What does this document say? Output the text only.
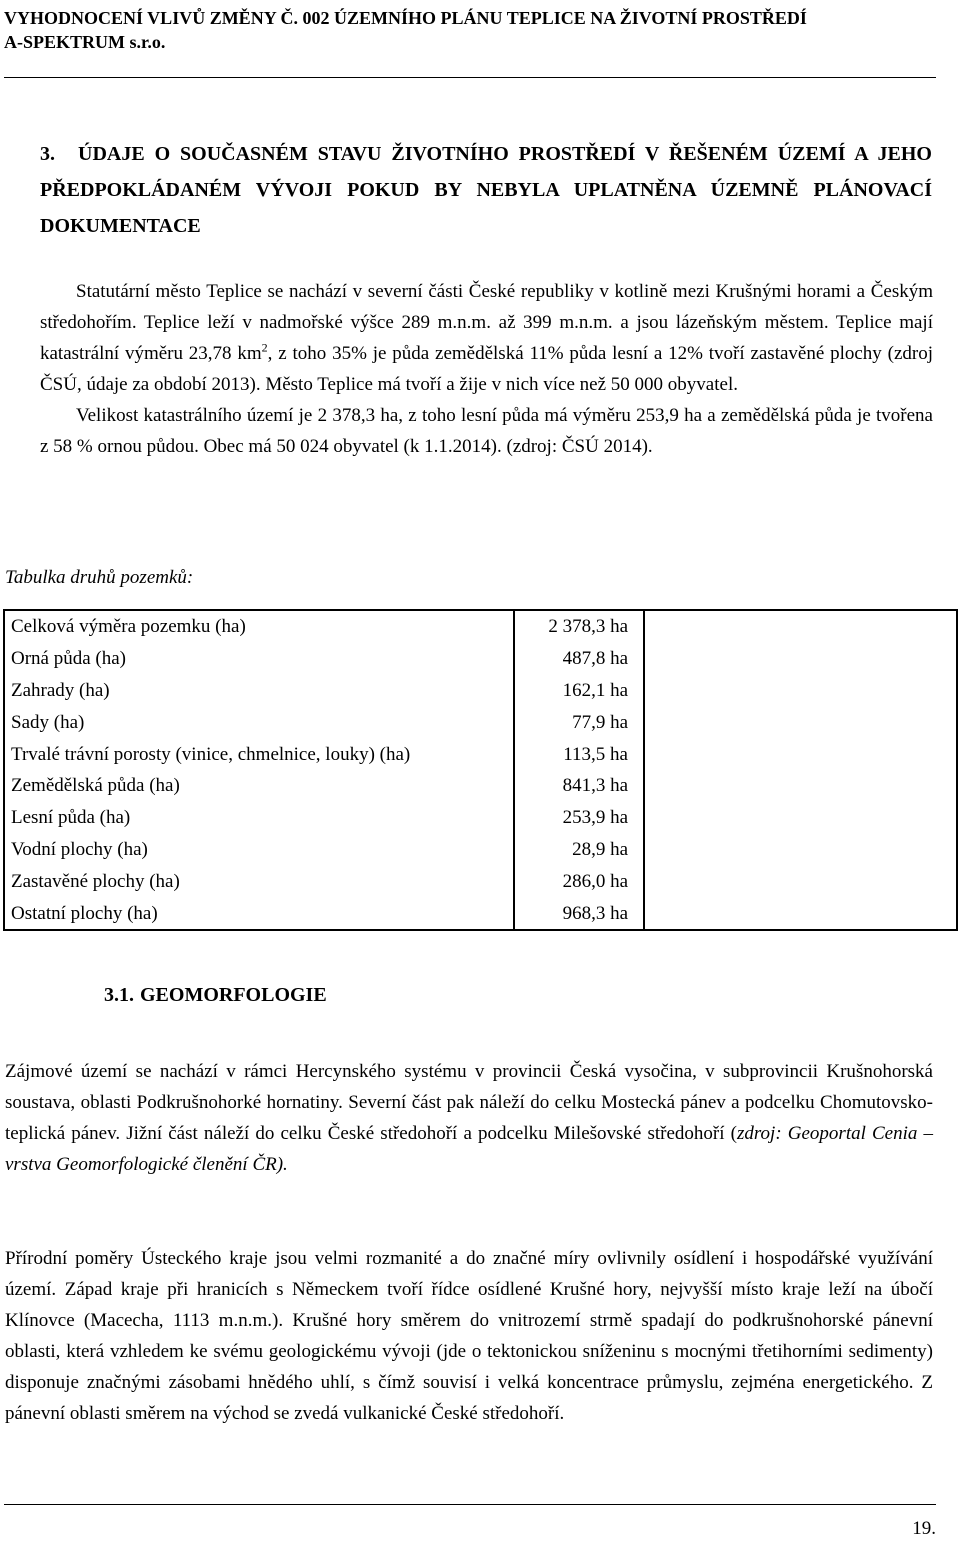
VYHODNOCENÍ VLIVŮ ZMĚNY Č. 002 ÚZEMNÍHO PLÁNU TEPLICE NA ŽIVOTNÍ PROSTŘEDÍ
A-SPEKTRUM s.r.o.
3. ÚDAJE O SOUČASNÉM STAVU ŽIVOTNÍHO PROSTŘEDÍ V ŘEŠENÉM ÚZEMÍ A JEHO PŘEDPOKLÁDANÉM VÝVOJI POKUD BY NEBYLA UPLATNĚNA ÚZEMNĚ PLÁNOVACÍ DOKUMENTACE
Statutární město Teplice se nachází v severní části České republiky v kotlině mezi Krušnými horami a Českým středohořím. Teplice leží v nadmořské výšce 289 m.n.m. až 399 m.n.m. a jsou lázeňským městem. Teplice mají katastrální výměru 23,78 $km^2$, z toho 35% je půda zemědělská 11% půda lesní a 12% tvoří zastavěné plochy (zdroj ČSÚ, údaje za období 2013). Město Teplice má tvoří a žije v nich více než 50 000 obyvatel.
Velikost katastrálního území je 2 378,3 ha, z toho lesní půda má výměru 253,9 ha a zemědělská půda je tvořena z 58 % ornou půdou. Obec má 50 024 obyvatel (k 1.1.2014). (zdroj: ČSÚ 2014).
Tabulka druhů pozemků:
Celková výměra pozemku (ha)	2 378,3 ha	
Orná půda (ha)	487,8 ha	
Zahrady (ha)	162,1 ha	
Sady (ha)	77,9 ha	
Trvalé trávní porosty (vinice, chmelnice, louky) (ha)	113,5 ha	
Zemědělská půda (ha)	841,3 ha	
Lesní půda (ha)	253,9 ha	
Vodní plochy (ha)	28,9 ha	
Zastavěné plochy (ha)	286,0 ha	
Ostatní plochy (ha)	968,3 ha	
3.1. GEOMORFOLOGIE
Zájmové území se nachází v rámci Hercynského systému v provincii Česká vysočina, v subprovincii Krušnohorská soustava, oblasti Podkrušnohorké hornatiny. Severní část pak náleží do celku Mostecká pánev a podcelku Chomutovsko-teplická pánev. Jižní část náleží do celku České středohoří a podcelku Milešovské středohoří (zdroj: Geoportal Cenia – vrstva Geomorfologické členění ČR).
Přírodní poměry Ústeckého kraje jsou velmi rozmanité a do značné míry ovlivnily osídlení i hospodářské využívání území. Západ kraje při hranicích s Německem tvoří řídce osídlené Krušné hory, nejvyšší místo kraje leží na úbočí Klínovce (Macecha, 1113 m.n.m.). Krušné hory směrem do vnitrozemí strmě spadají do podkrušnohorské pánevní oblasti, která vzhledem ke svému geologickému vývoji (jde o tektonickou sníženinu s mocnými třetihorními sedimenty) disponuje značnými zásobami hnědého uhlí, s čímž souvisí i velká koncentrace průmyslu, zejména energetického. Z pánevní oblasti směrem na východ se zvedá vulkanické České středohoří.
19.
